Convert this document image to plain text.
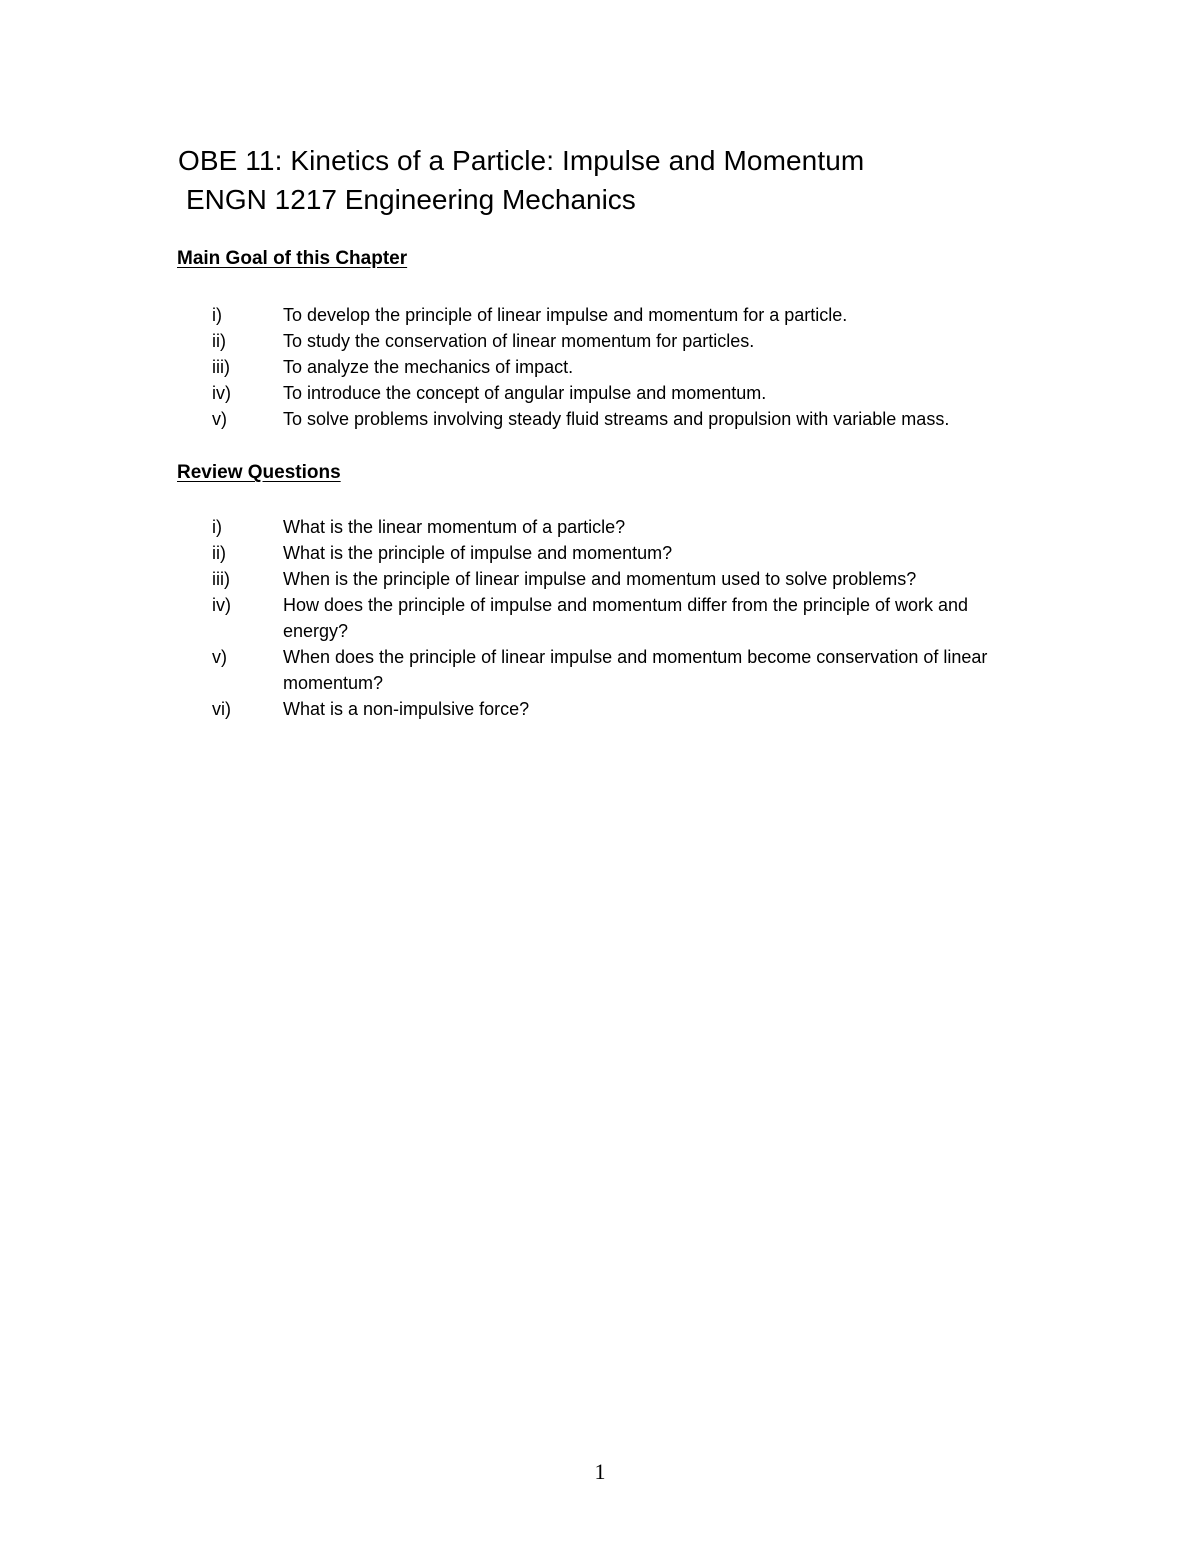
OBE 11: Kinetics of a Particle: Impulse and Momentum
ENGN 1217 Engineering Mechanics
Main Goal of this Chapter
i)	To develop the principle of linear impulse and momentum for a particle.
ii)	To study the conservation of linear momentum for particles.
iii)	To analyze the mechanics of impact.
iv)	To introduce the concept of angular impulse and momentum.
v)	To solve problems involving steady fluid streams and propulsion with variable mass.
Review Questions
i)	What is the linear momentum of a particle?
ii)	What is the principle of impulse and momentum?
iii)	When is the principle of linear impulse and momentum used to solve problems?
iv)	How does the principle of impulse and momentum differ from the principle of work and energy?
v)	When does the principle of linear impulse and momentum become conservation of linear momentum?
vi)	What is a non-impulsive force?
1
